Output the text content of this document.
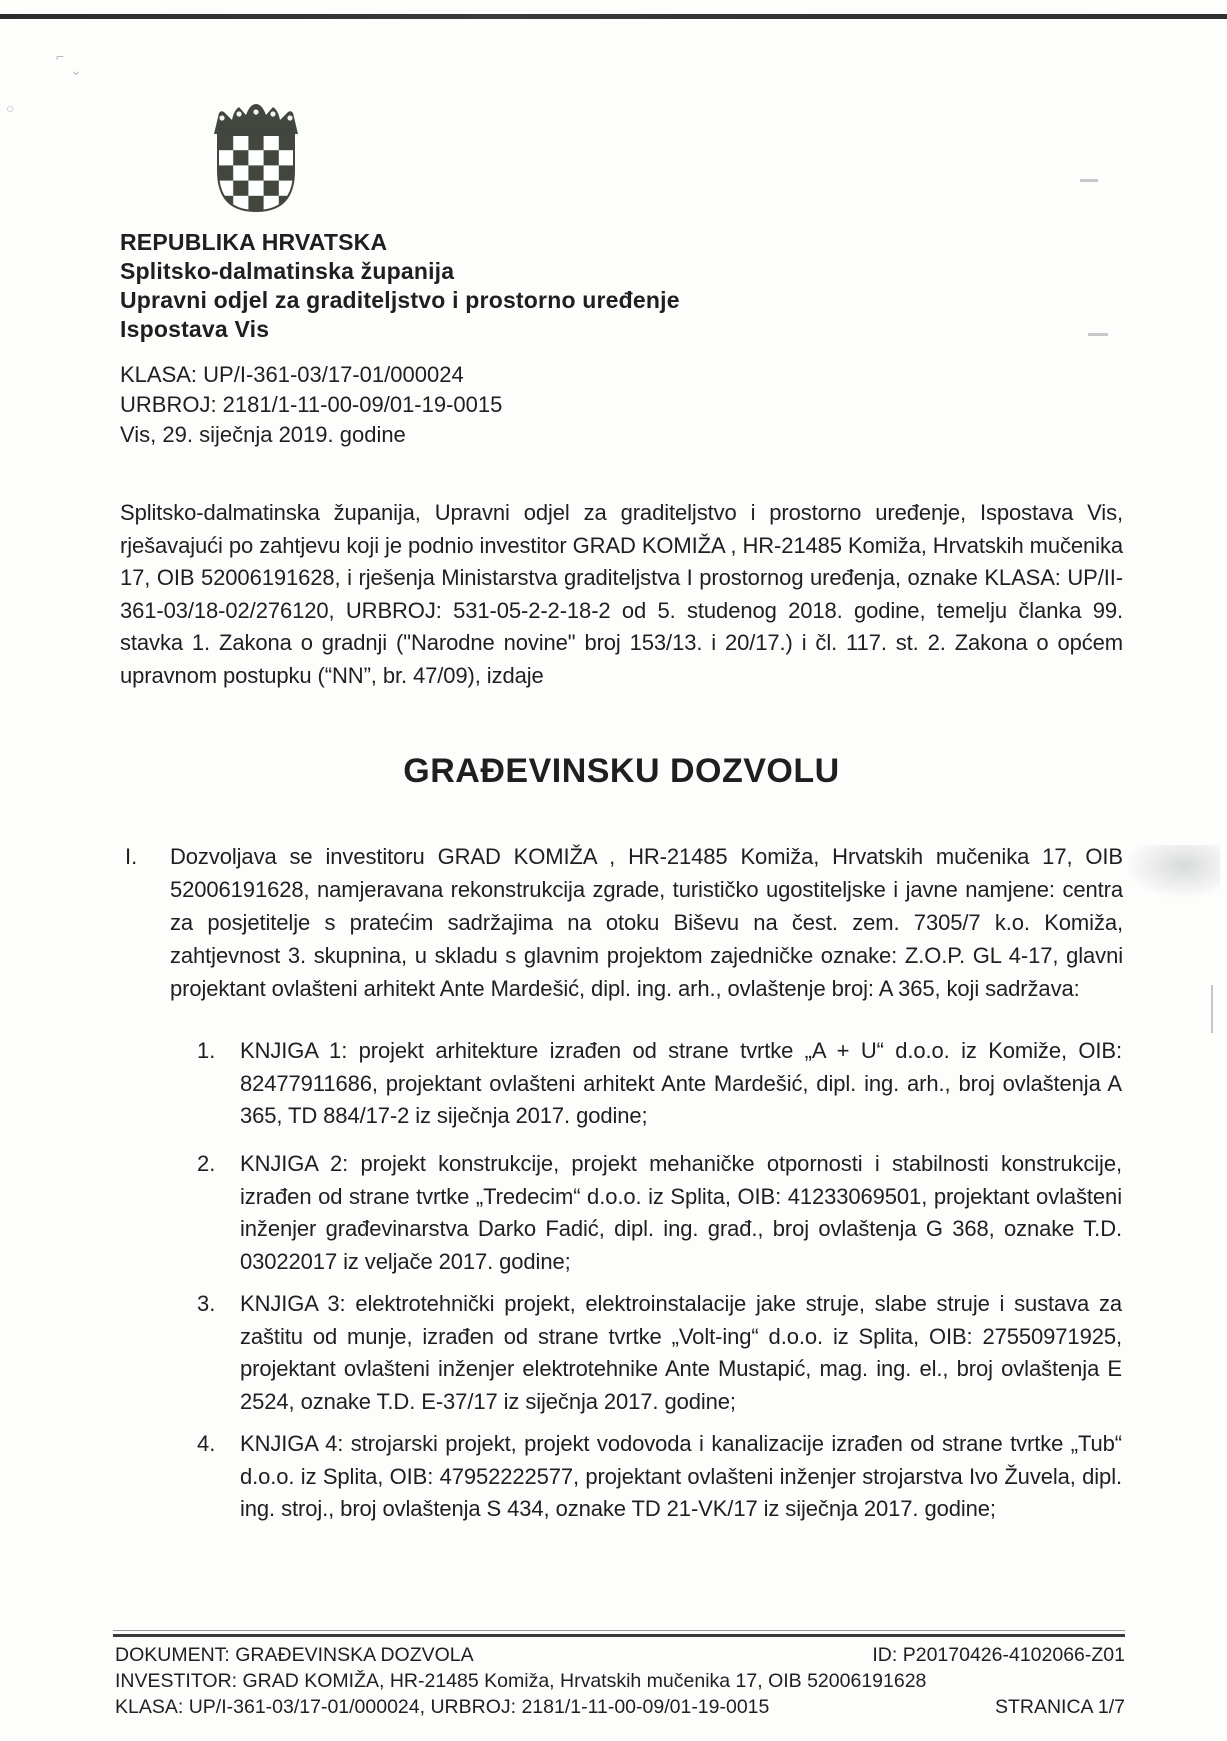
⌐
⌄
○
REPUBLIKA HRVATSKA
Splitsko-dalmatinska županija
Upravni odjel za graditeljstvo i prostorno uređenje
Ispostava Vis
KLASA: UP/I-361-03/17-01/000024
URBROJ: 2181/1-11-00-09/01-19-0015
Vis, 29. siječnja 2019. godine
Splitsko-dalmatinska županija, Upravni odjel za graditeljstvo i prostorno uređenje, Ispostava Vis, rješavajući po zahtjevu koji je podnio investitor GRAD KOMIŽA , HR-21485 Komiža, Hrvatskih mučenika 17, OIB 52006191628, i rješenja Ministarstva graditeljstva I prostornog uređenja, oznake KLASA: UP/II-361-03/18-02/276120, URBROJ: 531-05-2-2-18-2 od 5. studenog 2018. godine, temelju članka 99. stavka 1. Zakona o gradnji ("Narodne novine" broj 153/13. i 20/17.) i čl. 117. st. 2. Zakona o općem upravnom postupku (“NN”, br. 47/09), izdaje
GRAĐEVINSKU DOZVOLU
I.	Dozvoljava se investitoru GRAD KOMIŽA , HR-21485 Komiža, Hrvatskih mučenika 17, OIB 52006191628, namjeravana rekonstrukcija zgrade, turističko ugostiteljske i javne namjene: centra za posjetitelje s pratećim sadržajima na otoku Biševu na čest. zem. 7305/7 k.o. Komiža, zahtjevnost 3. skupnina, u skladu s glavnim projektom zajedničke oznake: Z.O.P. GL 4-17, glavni projektant ovlašteni arhitekt Ante Mardešić, dipl. ing. arh., ovlaštenje broj: A 365, koji sadržava:
1.	KNJIGA 1: projekt arhitekture izrađen od strane tvrtke „A + U“ d.o.o. iz Komiže, OIB: 82477911686, projektant ovlašteni arhitekt Ante Mardešić, dipl. ing. arh., broj ovlaštenja A 365, TD 884/17-2 iz siječnja 2017. godine;
2.	KNJIGA 2: projekt konstrukcije, projekt mehaničke otpornosti i stabilnosti konstrukcije, izrađen od strane tvrtke „Tredecim“ d.o.o. iz Splita, OIB: 41233069501, projektant ovlašteni inženjer građevinarstva Darko Fadić, dipl. ing. građ., broj ovlaštenja G 368, oznake T.D. 03022017 iz veljače 2017. godine;
3.	KNJIGA 3: elektrotehnički projekt, elektroinstalacije jake struje, slabe struje i sustava za zaštitu od munje, izrađen od strane tvrtke „Volt-ing“ d.o.o. iz Splita, OIB: 27550971925, projektant ovlašteni inženjer elektrotehnike Ante Mustapić, mag. ing. el., broj ovlaštenja E 2524, oznake T.D. E-37/17 iz siječnja 2017. godine;
4.	KNJIGA 4: strojarski projekt, projekt vodovoda i kanalizacije izrađen od strane tvrtke „Tub“ d.o.o. iz Splita, OIB: 47952222577, projektant ovlašteni inženjer strojarstva Ivo Žuvela, dipl. ing. stroj., broj ovlaštenja S 434, oznake TD 21-VK/17 iz siječnja 2017. godine;
DOKUMENT: GRAĐEVINSKA DOZVOLA	ID: P20170426-4102066-Z01
INVESTITOR: GRAD KOMIŽA, HR-21485 Komiža, Hrvatskih mučenika 17, OIB 52006191628
KLASA: UP/I-361-03/17-01/000024, URBROJ: 2181/1-11-00-09/01-19-0015	STRANICA 1/7
